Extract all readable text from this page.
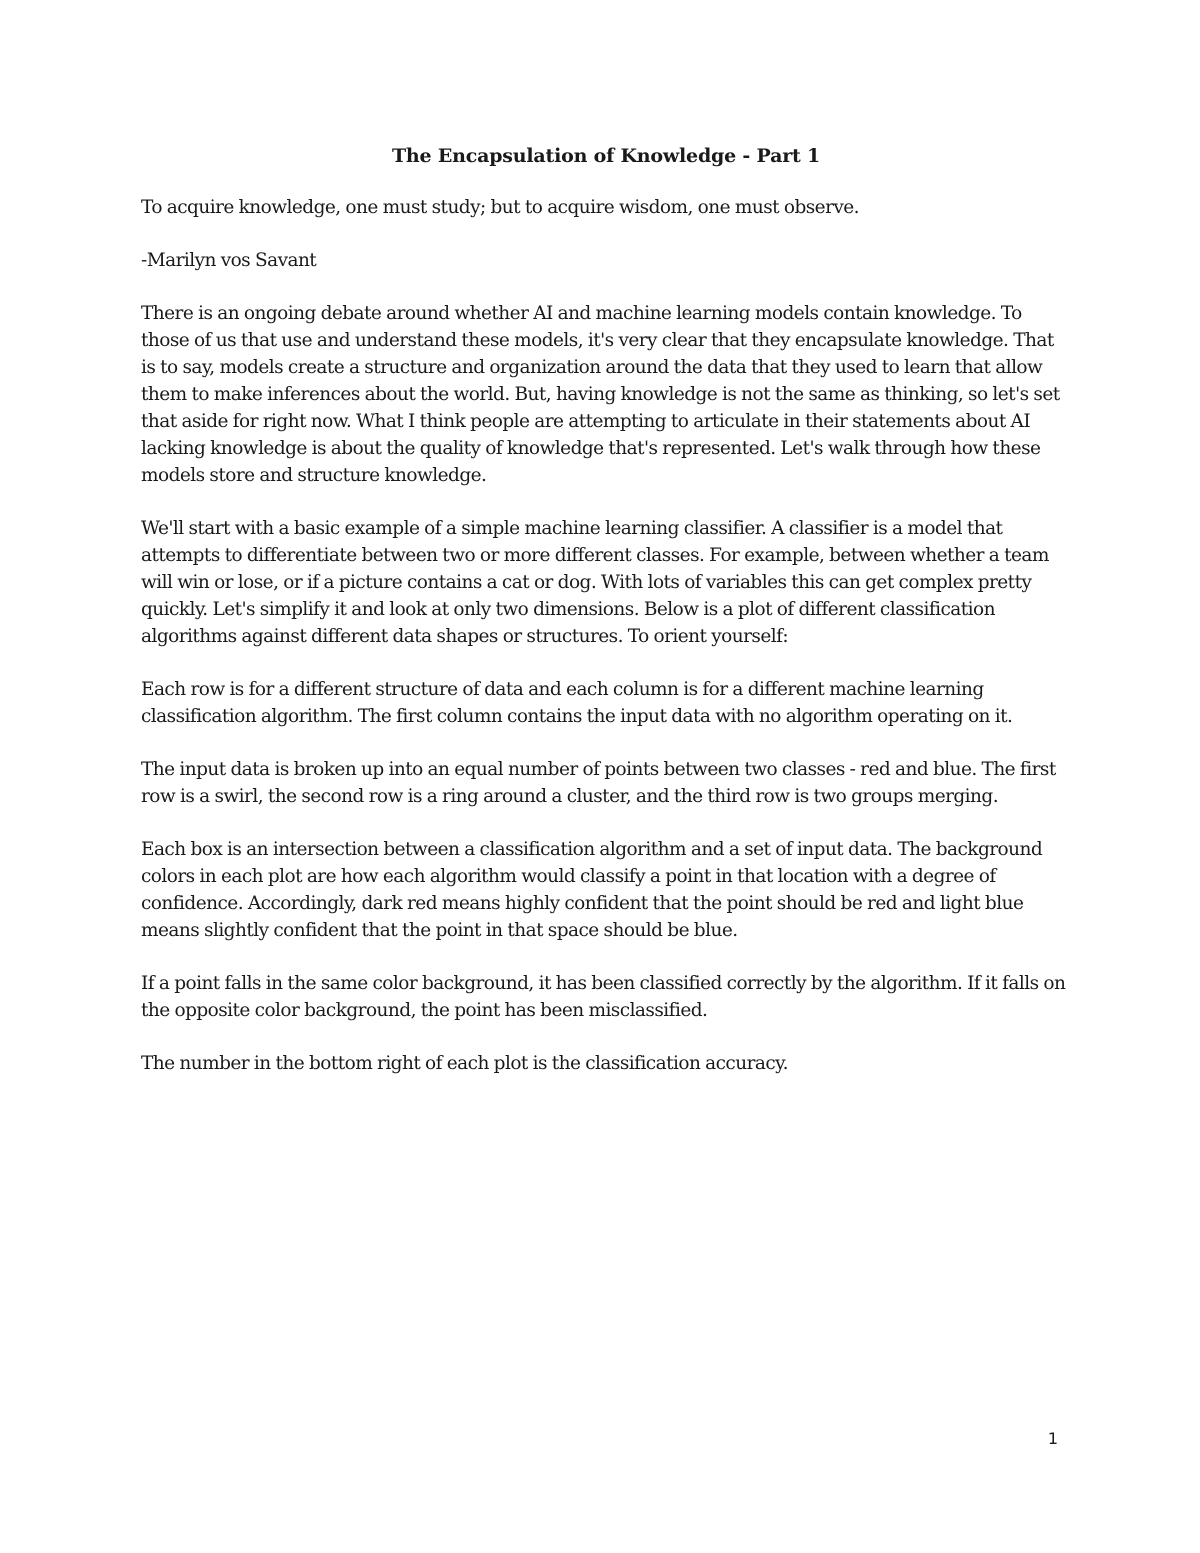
The Encapsulation of Knowledge - Part 1

To acquire knowledge, one must study; but to acquire wisdom, one must observe.

-Marilyn vos Savant

There is an ongoing debate around whether AI and machine learning models contain knowledge. To those of us that use and understand these models, it's very clear that they encapsulate knowledge. That is to say, models create a structure and organization around the data that they used to learn that allow them to make inferences about the world. But, having knowledge is not the same as thinking, so let's set that aside for right now. What I think people are attempting to articulate in their statements about AI lacking knowledge is about the quality of knowledge that's represented. Let's walk through how these models store and structure knowledge.

We'll start with a basic example of a simple machine learning classifier. A classifier is a model that attempts to differentiate between two or more different classes. For example, between whether a team will win or lose, or if a picture contains a cat or dog. With lots of variables this can get complex pretty quickly. Let's simplify it and look at only two dimensions. Below is a plot of different classification algorithms against different data shapes or structures. To orient yourself:

Each row is for a different structure of data and each column is for a different machine learning classification algorithm. The first column contains the input data with no algorithm operating on it.

The input data is broken up into an equal number of points between two classes - red and blue. The first row is a swirl, the second row is a ring around a cluster, and the third row is two groups merging.

Each box is an intersection between a classification algorithm and a set of input data. The background colors in each plot are how each algorithm would classify a point in that location with a degree of confidence. Accordingly, dark red means highly confident that the point should be red and light blue means slightly confident that the point in that space should be blue.

If a point falls in the same color background, it has been classified correctly by the algorithm. If it falls on the opposite color background, the point has been misclassified.

The number in the bottom right of each plot is the classification accuracy.

1
